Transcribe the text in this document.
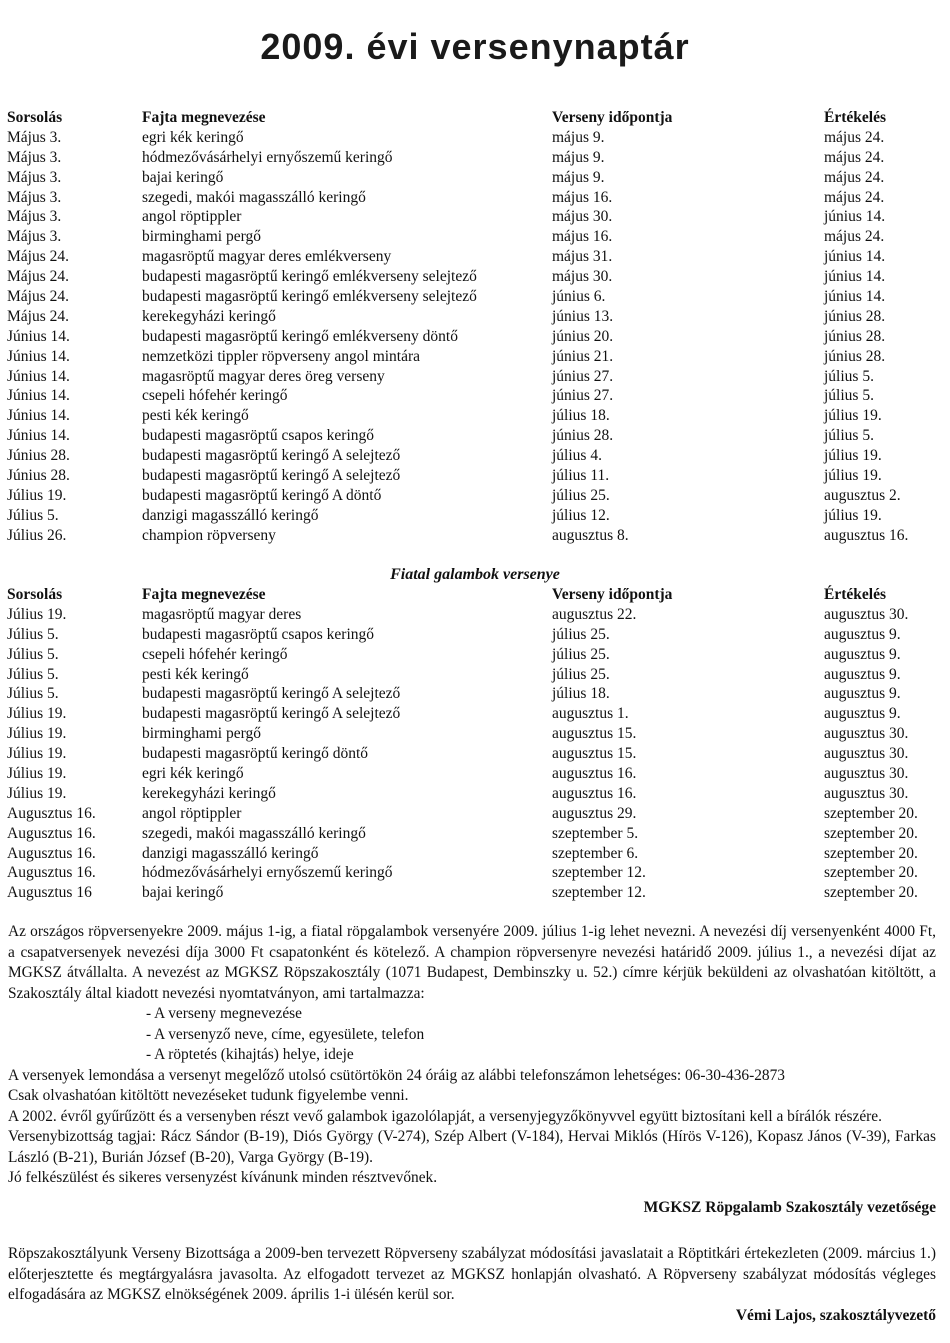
2009. évi versenynaptár
Sorsolás	Fajta megnevezése	Verseny időpontja	Értékelés
Május 3.	egri kék keringő	május 9.	május 24.
Május 3.	hódmezővásárhelyi ernyőszemű keringő	május 9.	május 24.
Május 3.	bajai keringő	május 9.	május 24.
Május 3.	szegedi, makói magasszálló keringő	május 16.	május 24.
Május 3.	angol röptippler	május 30.	június 14.
Május 3.	birminghami pergő	május 16.	május 24.
Május 24.	magasröptű magyar deres emlékverseny	május 31.	június 14.
Május 24.	budapesti magasröptű keringő emlékverseny selejtező	május 30.	június 14.
Május 24.	budapesti magasröptű keringő emlékverseny selejtező	június 6.	június 14.
Május 24.	kerekegyházi keringő	június 13.	június 28.
Június 14.	budapesti magasröptű keringő emlékverseny döntő	június 20.	június 28.
Június 14.	nemzetközi tippler röpverseny angol mintára	június 21.	június 28.
Június 14.	magasröptű magyar deres öreg verseny	június 27.	július 5.
Június 14.	csepeli hófehér keringő	június 27.	július 5.
Június 14.	pesti kék keringő	július 18.	július 19.
Június 14.	budapesti magasröptű csapos keringő	június 28.	július 5.
Június 28.	budapesti magasröptű keringő A selejtező	július 4.	július 19.
Június 28.	budapesti magasröptű keringő A selejtező	július 11.	július 19.
Július 19.	budapesti magasröptű keringő A döntő	július 25.	augusztus 2.
Július 5.	danzigi magasszálló keringő	július 12.	július 19.
Július 26.	champion röpverseny	augusztus 8.	augusztus 16.
Fiatal galambok versenye
Sorsolás	Fajta megnevezése	Verseny időpontja	Értékelés
Július 19.	magasröptű magyar deres	augusztus 22.	augusztus 30.
Július 5.	budapesti magasröptű csapos keringő	július 25.	augusztus 9.
Július 5.	csepeli hófehér keringő	július 25.	augusztus 9.
Július 5.	pesti kék keringő	július 25.	augusztus 9.
Július 5.	budapesti magasröptű keringő A selejtező	július 18.	augusztus 9.
Július 19.	budapesti magasröptű keringő A selejtező	augusztus 1.	augusztus 9.
Július 19.	birminghami pergő	augusztus 15.	augusztus 30.
Július 19.	budapesti magasröptű keringő döntő	augusztus 15.	augusztus 30.
Július 19.	egri kék keringő	augusztus 16.	augusztus 30.
Július 19.	kerekegyházi keringő	augusztus 16.	augusztus 30.
Augusztus 16.	angol röptippler	augusztus 29.	szeptember 20.
Augusztus 16.	szegedi, makói magasszálló keringő	szeptember 5.	szeptember 20.
Augusztus 16.	danzigi magasszálló keringő	szeptember 6.	szeptember 20.
Augusztus 16.	hódmezővásárhelyi ernyőszemű keringő	szeptember 12.	szeptember 20.
Augusztus 16	bajai keringő	szeptember 12.	szeptember 20.

Az országos röpversenyekre 2009. május 1-ig, a fiatal röpgalambok versenyére 2009. július 1-ig lehet nevezni. A nevezési díj versenyenként 4000 Ft, a csapatversenyek nevezési díja 3000 Ft csapatonként és kötelező. A champion röpversenyre nevezési határidő 2009. július 1., a nevezési díjat az MGKSZ átvállalta. A nevezést az MGKSZ Röpszakosztály (1071 Budapest, Dembinszky u. 52.) címre kérjük beküldeni az olvashatóan kitöltött, a Szakosztály által kiadott nevezési nyomtatványon, ami tartalmazza:

- A verseny megnevezése

- A versenyző neve, címe, egyesülete, telefon

- A röptetés (kihajtás) helye, ideje

A versenyek lemondása a versenyt megelőző utolsó csütörtökön 24 óráig az alábbi telefonszámon lehetséges: 06-30-436-2873

Csak olvashatóan kitöltött nevezéseket tudunk figyelembe venni.

A 2002. évről gyűrűzött és a versenyben részt vevő galambok igazolólapját, a versenyjegyzőkönyvvel együtt biztosítani kell a bírálók részére.

Versenybizottság tagjai: Rácz Sándor (B-19), Diós György (V-274), Szép Albert (V-184), Hervai Miklós (Hírös V-126), Kopasz János (V-39), Farkas László (B-21), Burián József (B-20), Varga György (B-19).

Jó felkészülést és sikeres versenyzést kívánunk minden résztvevőnek.

MGKSZ Röpgalamb Szakosztály vezetősége

Röpszakosztályunk Verseny Bizottsága a 2009-ben tervezett Röpverseny szabályzat módosítási javaslatait a Röptitkári értekezleten (2009. március 1.) előterjesztette és megtárgyalásra javasolta. Az elfogadott tervezet az MGKSZ honlapján olvasható. A Röpverseny szabályzat módosítás végleges elfogadására az MGKSZ elnökségének 2009. április 1-i ülésén kerül sor.

Vémi Lajos, szakosztályvezető
